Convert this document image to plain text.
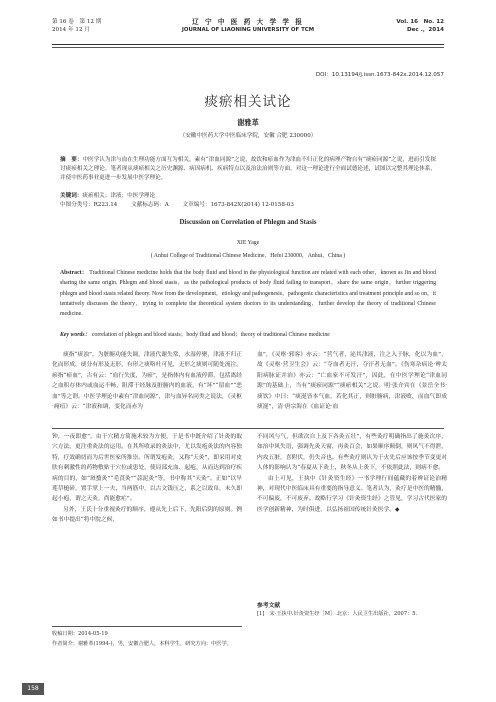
第 16 卷　第 12 期
2014 年 12 月
辽 宁 中 医 药 大 学 学 报
JOURNAL OF LIAONING UNIVERSITY OF TCM
Vol. 16　No. 12
Dec .，2014
DOI：10.13194/j.issn.1673-842x.2014.12.057
痰瘀相关试论
谢雅革
（安徽中医药大学中医临床学院，安徽 合肥 230000）
摘　要：中医学认为津与血在生理功能方面互为相关，素有“津血同源”之说，故饮和瘀血作为津血不归正化的病理产物自有“痰瘀同源”之说，进而引发探讨痰瘀相关之理论。笔者现从痰瘀相关之历史渊源、病因病机、疾病特点以及治法治则等方面，对这一理论进行全面试德论述，试图以完整其理论体系，并使中医药事业更进一步发展中医学理论。
关键词：痰瘀相关；津液；中医学理论
中图分类号：R223.14 文献标志码：A 文章编号：1673-842X(2014) 12-0158-03
Discussion on Correlation of Phlegm and Stasis
XIE Yage
( Anhui College of Traditional Chinese Medicine，Hefei 230000，Anhui，China )
Abstract： Traditional Chinese medicine holds that the body fluid and blood in the physiological function are related with each other，known as Jin and blood sharing the same origin. Phlegm and blood stasis，as the pathological products of body fluid failing to transport，share the same origin，further triggering phlegm and blood stasis related theory. Now from the development，etiology and pathogenesis，pathogenic characteristics and treatment principle and so on，it tentatively discusses the theory，trying to complete the theoretical system doctors to its understanding，further develop the theory of traditional Chinese medicine.
Key words： correlation of phlegm and blood stasis；body fluid and blood；theory of traditional Chinese medicine

痰指“痰浊”，为脏腑功能失调，津液代谢失常，水湿停聚，津液不归正化而形成，痰分有形及无形，有形之痰咯吐可见，无形之痰则可随处流注。瘀指“瘀血”，古有云：“血行失度，为瘀”，是指体内有血液停滞，包括离经之血积存体内或血运不畅，阻滞于经脉及脏腑内的血液，有“坏”“留血”“恶血”等之谓。中医学理论中素有“津血同源”，津与血异名同类之说法，《灵枢·痈疽》云：“津液和调，变化而赤为

血”，《灵枢·邪客》亦云：“营气者，泌其津液，注之入于脉，化以为血”，故《灵枢·营卫生会》云：“夺血者无汗，夺汗者无血”。《伤寒杂病论·辨太阳病脉证并治》亦云：“亡血家不可发汗”，因此，在中医学理论“津血同源”的基础上，当有“痰瘀同源”“痰瘀相关”之说。明·张介宾在《景岳全书·痰饮》中曰：“痰涎皆本气血，若化其正，则脏腑病，津液败，而血气即成痰涎”，清·唐宗海在《血证论·血

钟，一夜即愈”，由于穴精方简施术较为方便，于是书中既介绍了针灸的取穴方法，更注重灸法的运用。在其所收录的灸法中，尤以发疱灸法的内容独特，疗效确切而为后世医家所推崇。所谓发疱灸，又称“天灸”，即采用对皮肤有刺激性的药物敷贴于穴位或患处，使局部充血、起疱，从而达到治疗疾病的目的，如“斑蝥灸”“毛莨灸”“蒜泥灸”等，书中称其“天灸”。正如“以旱莲草槌碎，置手掌上一夫，当两筋中，以古文钱压之，系之以故帛，未久即起小疱，谓之天灸，尚能愈疟”。

另外，王氏十分重视灸疗的顺序，遵从先上后下，先阳后阴的原则。例如书中提出“将中脘之候，

不同风与气，但欲次自上及下各灸五壮”，有些灸疗明确指出了施灸次序，如治中风失语，强调先灸天窗，再灸百会，如果顺序颠倒，则风气不得泄，内攻五脏，喜附伏，仍失音也。有些灸疗则认为于火先后应该按季节变更对人体的影响认为“春夏从下灸上，秋冬从上灸下，不依照此法，则病不愈。

由上可见，王执中《针灸资生经》一书学理行间蕴藏的着辨证论治精神，对现代中医临床具有重要的指导意义。笔者认为，灸疗是中医的精髓，不可偏废，不可废弃。故略行学习《针灸资生经》之管见，学习古代医家的医学创新精神，为时俱进，以弘扬祖国传统针灸医学。◆

参考文献
[1]　宋·王执中.针灸资生经［M］.北京：人民卫生出版社，2007：5.
收稿日期：2014-05-19
作者简介：谢雅革(1994-)，男，安徽合肥人，本科学生，研究方向：中医学。
158
